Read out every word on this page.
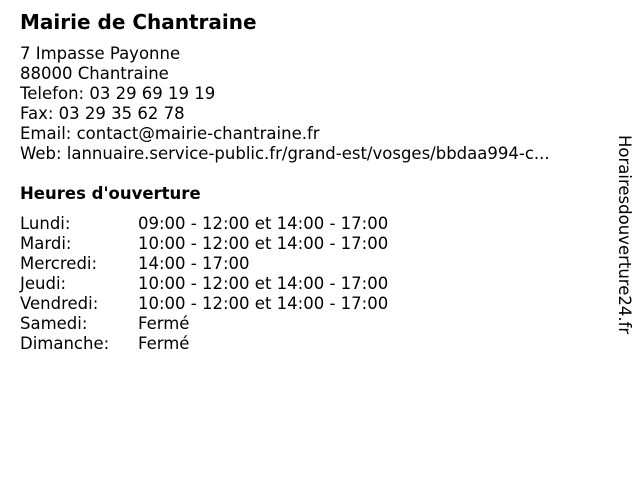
Mairie de Chantraine
7 Impasse Payonne
88000 Chantraine
Telefon: 03 29 69 19 19
Fax: 03 29 35 62 78
Email: contact@mairie-chantraine.fr
Web: lannuaire.service-public.fr/grand-est/vosges/bbdaa994-c...
Heures d'ouverture
Lundi:	09:00 - 12:00 et 14:00 - 17:00
Mardi:	10:00 - 12:00 et 14:00 - 17:00
Mercredi:	14:00 - 17:00
Jeudi:	10:00 - 12:00 et 14:00 - 17:00
Vendredi:	10:00 - 12:00 et 14:00 - 17:00
Samedi:	Fermé
Dimanche:	Fermé
Horairesdouverture24.fr
